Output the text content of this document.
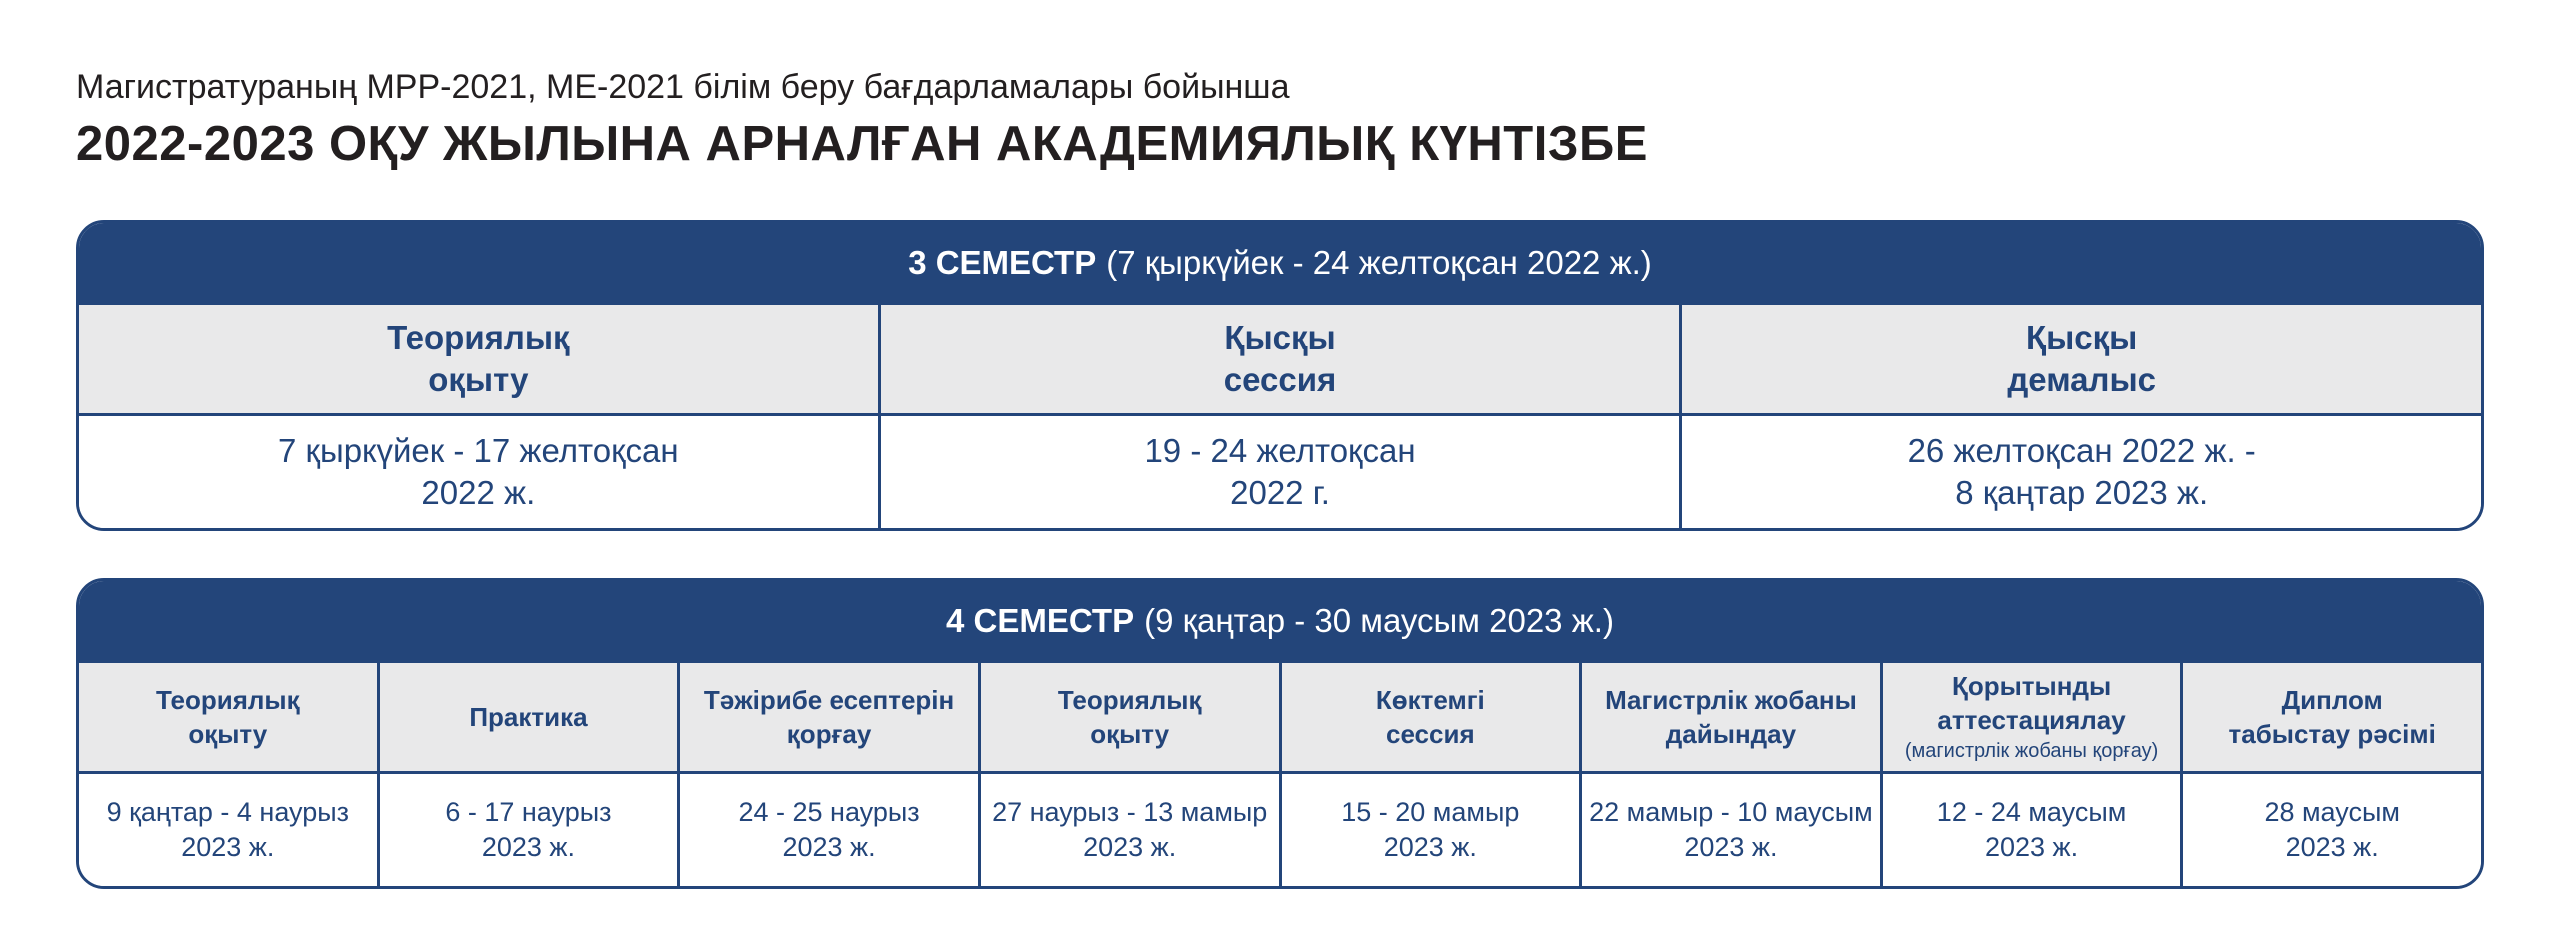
Магистратураның МРР-2021, МЕ-2021 білім беру бағдарламалары бойынша
2022-2023 ОҚУ ЖЫЛЫНА АРНАЛҒАН АКАДЕМИЯЛЫҚ КҮНТІЗБЕ
3 СЕМЕСТР (7 қыркүйек - 24 желтоқсан 2022 ж.)
Теориялық
оқыту
Қысқы
сессия
Қысқы
демалыс
7 қыркүйек - 17 желтоқсан
2022 ж.
19 - 24 желтоқсан
2022 г.
26 желтоқсан 2022 ж. -
8 қаңтар 2023 ж.
4 СЕМЕСТР (9 қаңтар - 30 маусым 2023 ж.)
Теориялық
оқыту
Практика
Тәжірибе есептерін
қорғау
Теориялық
оқыту
Көктемгі
сессия
Магистрлік жобаны
дайындау
Қорытынды
аттестациялау
(магистрлік жобаны қорғау)
Диплом
табыстау рәсімі
9 қаңтар - 4 наурыз
2023 ж.
6 - 17 наурыз
2023 ж.
24 - 25 наурыз
2023 ж.
27 наурыз - 13 мамыр
2023 ж.
15 - 20 мамыр
2023 ж.
22 мамыр - 10 маусым
2023 ж.
12 - 24 маусым
2023 ж.
28 маусым
2023 ж.
